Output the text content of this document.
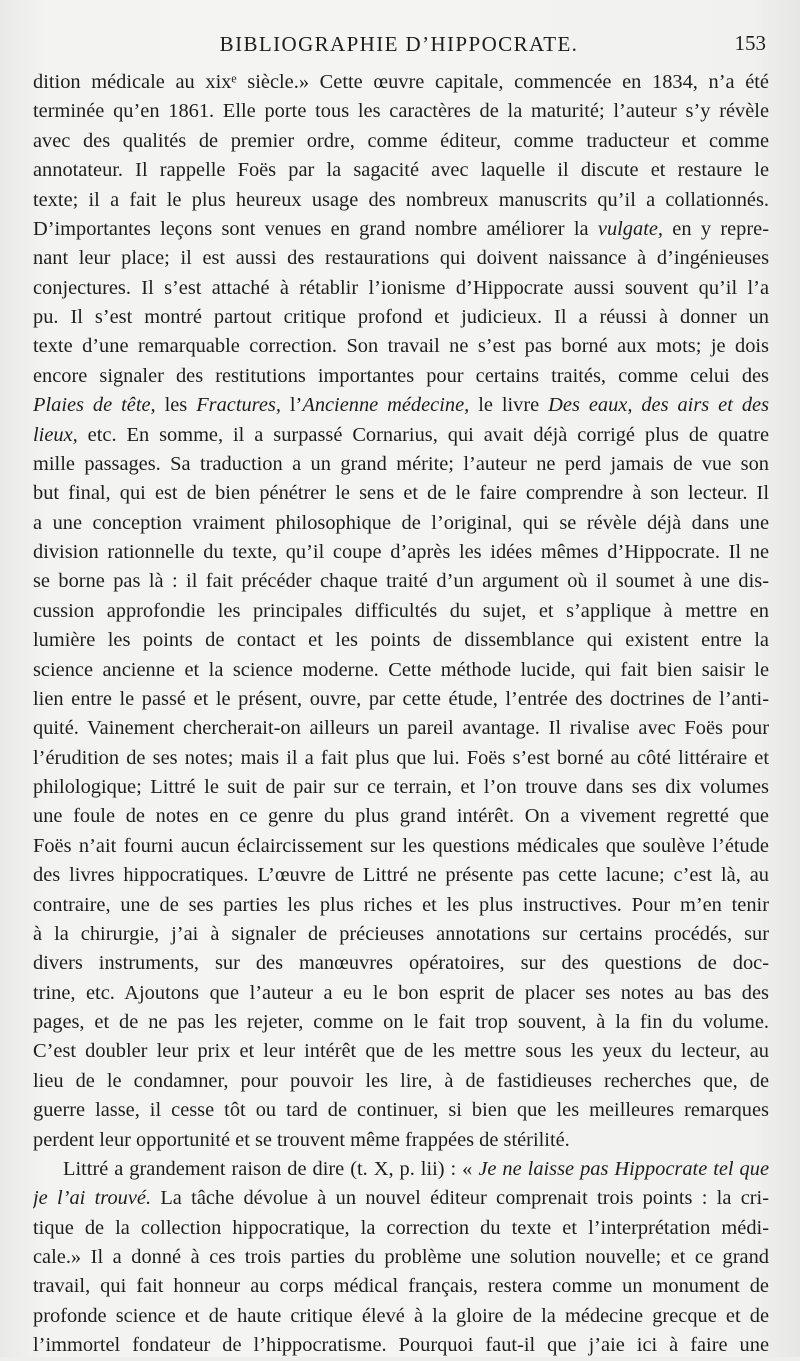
BIBLIOGRAPHIE D’HIPPOCRATE.	153
dition médicale au xixᵉ siècle.» Cette œuvre capitale, commencée en 1834, n’a été
terminée qu’en 1861. Elle porte tous les caractères de la maturité; l’auteur s’y révèle
avec des qualités de premier ordre, comme éditeur, comme traducteur et comme
annotateur. Il rappelle Foës par la sagacité avec laquelle il discute et restaure le
texte; il a fait le plus heureux usage des nombreux manuscrits qu’il a collationnés.
D’importantes leçons sont venues en grand nombre améliorer la vulgate, en y repre-
nant leur place; il est aussi des restaurations qui doivent naissance à d’ingénieuses
conjectures. Il s’est attaché à rétablir l’ionisme d’Hippocrate aussi souvent qu’il l’a
pu. Il s’est montré partout critique profond et judicieux. Il a réussi à donner un
texte d’une remarquable correction. Son travail ne s’est pas borné aux mots; je dois
encore signaler des restitutions importantes pour certains traités, comme celui des
Plaies de tête, les Fractures, l’Ancienne médecine, le livre Des eaux, des airs et des
lieux, etc. En somme, il a surpassé Cornarius, qui avait déjà corrigé plus de quatre
mille passages. Sa traduction a un grand mérite; l’auteur ne perd jamais de vue son
but final, qui est de bien pénétrer le sens et de le faire comprendre à son lecteur. Il
a une conception vraiment philosophique de l’original, qui se révèle déjà dans une
division rationnelle du texte, qu’il coupe d’après les idées mêmes d’Hippocrate. Il ne
se borne pas là : il fait précéder chaque traité d’un argument où il soumet à une dis-
cussion approfondie les principales difficultés du sujet, et s’applique à mettre en
lumière les points de contact et les points de dissemblance qui existent entre la
science ancienne et la science moderne. Cette méthode lucide, qui fait bien saisir le
lien entre le passé et le présent, ouvre, par cette étude, l’entrée des doctrines de l’anti-
quité. Vainement chercherait-on ailleurs un pareil avantage. Il rivalise avec Foës pour
l’érudition de ses notes; mais il a fait plus que lui. Foës s’est borné au côté littéraire et
philologique; Littré le suit de pair sur ce terrain, et l’on trouve dans ses dix volumes
une foule de notes en ce genre du plus grand intérêt. On a vivement regretté que
Foës n’ait fourni aucun éclaircissement sur les questions médicales que soulève l’étude
des livres hippocratiques. L’œuvre de Littré ne présente pas cette lacune; c’est là, au
contraire, une de ses parties les plus riches et les plus instructives. Pour m’en tenir
à la chirurgie, j’ai à signaler de précieuses annotations sur certains procédés, sur
divers instruments, sur des manœuvres opératoires, sur des questions de doc-
trine, etc. Ajoutons que l’auteur a eu le bon esprit de placer ses notes au bas des
pages, et de ne pas les rejeter, comme on le fait trop souvent, à la fin du volume.
C’est doubler leur prix et leur intérêt que de les mettre sous les yeux du lecteur, au
lieu de le condamner, pour pouvoir les lire, à de fastidieuses recherches que, de
guerre lasse, il cesse tôt ou tard de continuer, si bien que les meilleures remarques
perdent leur opportunité et se trouvent même frappées de stérilité.
Littré a grandement raison de dire (t. X, p. lii) : « Je ne laisse pas Hippocrate tel que
je l’ai trouvé. La tâche dévolue à un nouvel éditeur comprenait trois points : la cri-
tique de la collection hippocratique, la correction du texte et l’interprétation médi-
cale.» Il a donné à ces trois parties du problème une solution nouvelle; et ce grand
travail, qui fait honneur au corps médical français, restera comme un monument de
profonde science et de haute critique élevé à la gloire de la médecine grecque et de
l’immortel fondateur de l’hippocratisme. Pourquoi faut-il que j’aie ici à faire une
